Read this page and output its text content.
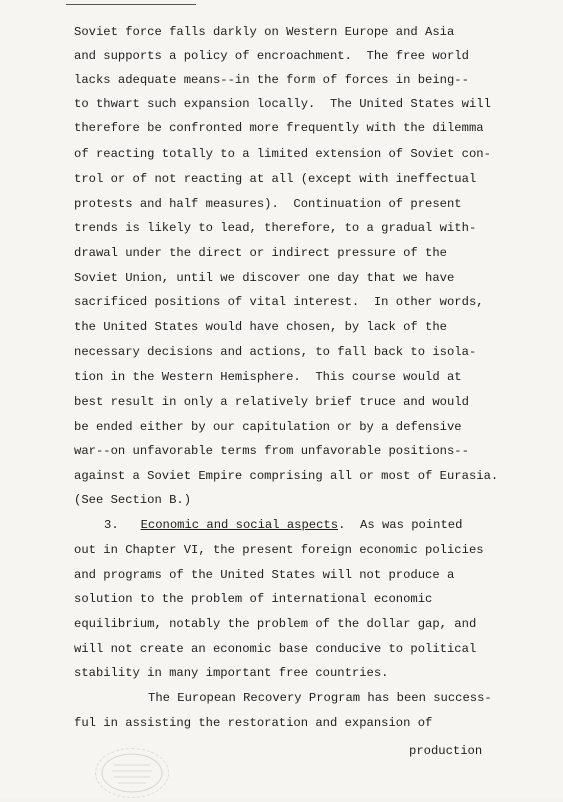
Soviet force falls darkly on Western Europe and Asia
and supports a policy of encroachment.  The free world
lacks adequate means--in the form of forces in being--
to thwart such expansion locally.  The United States will
therefore be confronted more frequently with the dilemma
of reacting totally to a limited extension of Soviet con-
trol or of not reacting at all (except with ineffectual
protests and half measures).  Continuation of present
trends is likely to lead, therefore, to a gradual with-
drawal under the direct or indirect pressure of the
Soviet Union, until we discover one day that we have
sacrificed positions of vital interest.  In other words,
the United States would have chosen, by lack of the
necessary decisions and actions, to fall back to isola-
tion in the Western Hemisphere.  This course would at
best result in only a relatively brief truce and would
be ended either by our capitulation or by a defensive
war--on unfavorable terms from unfavorable positions--
against a Soviet Empire comprising all or most of Eurasia.
(See Section B.)
3. Economic and social aspects.  As was pointed
out in Chapter VI, the present foreign economic policies
and programs of the United States will not produce a
solution to the problem of international economic
equilibrium, notably the problem of the dollar gap, and
will not create an economic base conducive to political
stability in many important free countries.
The European Recovery Program has been success-
ful in assisting the restoration and expansion of
production
